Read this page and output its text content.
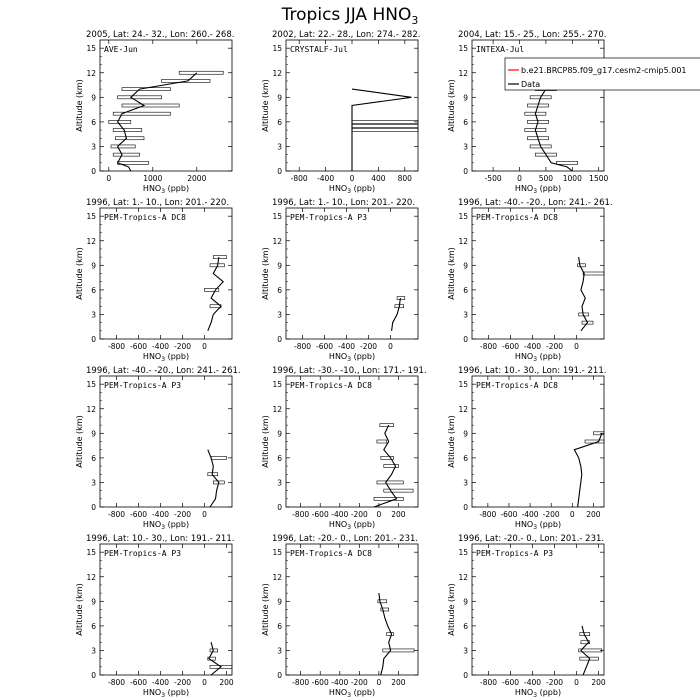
Tropics JJA $HNO_3$
2005, Lat: 24.- 32., Lon: 260.- 268.
AVE-Jun
0
3
6
9
12
15
Altitude (km)
0	1000	2000
$HNO_3$ (ppb)
2002, Lat: 22.- 28., Lon: 274.- 282.
CRYSTALF-Jul
0
3
6
9
12
15
Altitude (km)
-800 -400 0 400 800
$HNO_3$ (ppb)
2004, Lat: 15.- 25., Lon: 255.- 270.
INTEXA-Jul
0
3
6
9
12
15
Altitude (km)
-500 0 500 1000 1500
$HNO_3$ (ppb)
b.e21.BRCP85.f09_g17.cesm2-cmip5.001
Data
1996, Lat: 1.- 10., Lon: 201.- 220.
PEM-Tropics-A DC8
0
3
6
9
12
15
Altitude (km)
-800 -600 -400 -200 0
$HNO_3$ (ppb)
1996, Lat: 1.- 10., Lon: 201.- 220.
PEM-Tropics-A P3
0
3
6
9
12
15
Altitude (km)
-800 -600 -400 -200 0
$HNO_3$ (ppb)
1996, Lat: -40.- -20., Lon: 241.- 261.
PEM-Tropics-A DC8
0
3
6
9
12
15
Altitude (km)
-800 -600 -400 -200 0
$HNO_3$ (ppb)
1996, Lat: -40.- -20., Lon: 241.- 261.
PEM-Tropics-A P3
0
3
6
9
12
15
Altitude (km)
-800 -600 -400 -200 0
$HNO_3$ (ppb)
1996, Lat: -30.- -10., Lon: 171.- 191.
PEM-Tropics-A DC8
0
3
6
9
12
15
Altitude (km)
-800 -600 -400 -200 0 200
$HNO_3$ (ppb)
1996, Lat: 10.- 30., Lon: 191.- 211.
PEM-Tropics-A DC8
0
3
6
9
12
15
Altitude (km)
-800 -600 -400 -200 0 200
$HNO_3$ (ppb)
1996, Lat: 10.- 30., Lon: 191.- 211.
PEM-Tropics-A P3
0
3
6
9
12
15
Altitude (km)
-800 -600 -400 -200 0 200
$HNO_3$ (ppb)
1996, Lat: -20.- 0., Lon: 201.- 231.
PEM-Tropics-A DC8
0
3
6
9
12
15
Altitude (km)
-800 -600 -400 -200 0 200
$HNO_3$ (ppb)
1996, Lat: -20.- 0., Lon: 201.- 231.
PEM-Tropics-A P3
0
3
6
9
12
15
Altitude (km)
-800 -600 -400 -200 0 200
$HNO_3$ (ppb)
